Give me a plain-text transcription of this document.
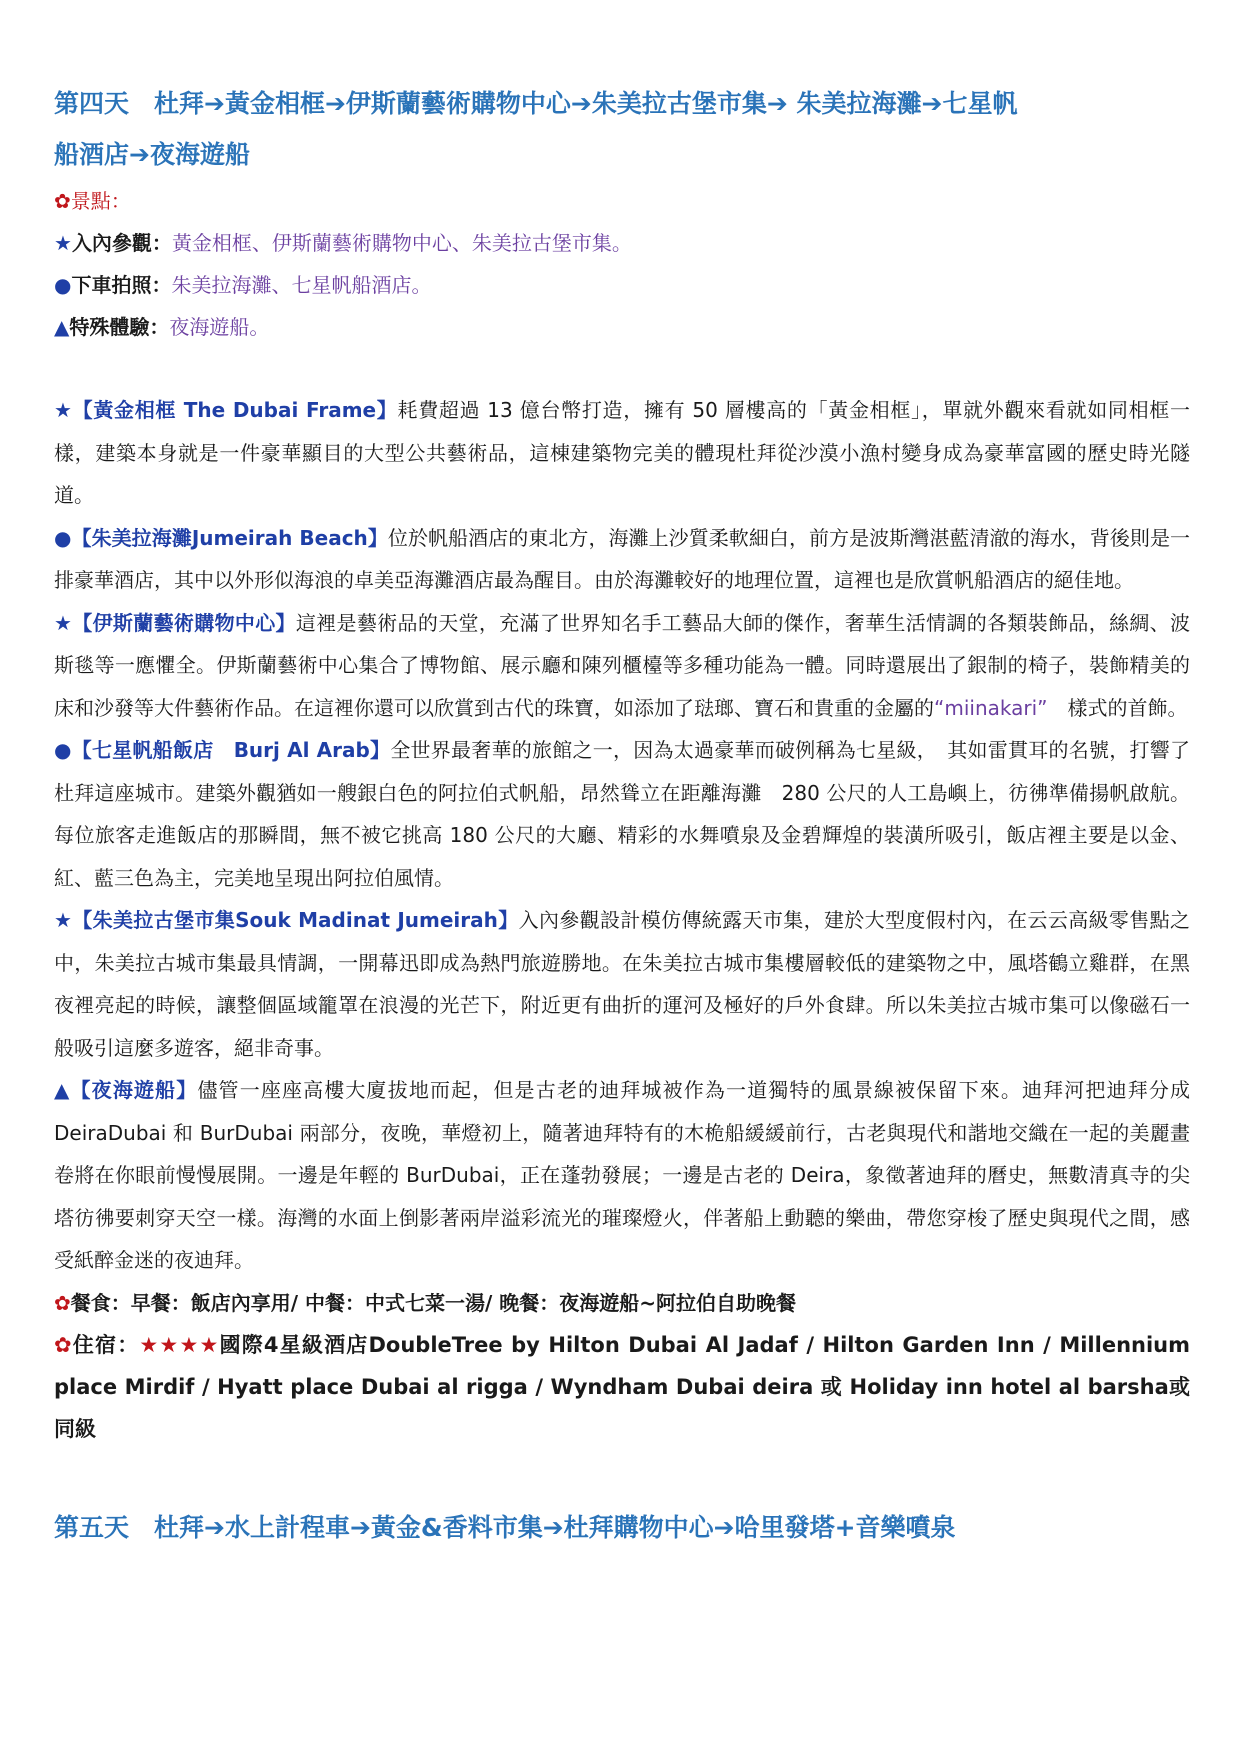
第四天　杜拜➔黃金相框➔伊斯蘭藝術購物中心➔朱美拉古堡市集➔ 朱美拉海灘➔七星帆
船酒店➔夜海遊船
✿景點：
★入內參觀：黃金相框、伊斯蘭藝術購物中心、朱美拉古堡市集。
●下車拍照：朱美拉海灘、七星帆船酒店。
▲特殊體驗：夜海遊船。

★【黃金相框 The Dubai Frame】耗費超過 13 億台幣打造，擁有 50 層樓高的「黃金相框」，單就外觀來看就如同相框一樣，建築本身就是一件豪華顯目的大型公共藝術品，這棟建築物完美的體現杜拜從沙漠小漁村變身成為豪華富國的歷史時光隧道。

●【朱美拉海灘Jumeirah Beach】位於帆船酒店的東北方，海灘上沙質柔軟細白，前方是波斯灣湛藍清澈的海水，背後則是一排豪華酒店，其中以外形似海浪的卓美亞海灘酒店最為醒目。由於海灘較好的地理位置，這裡也是欣賞帆船酒店的絕佳地。

★【伊斯蘭藝術購物中心】這裡是藝術品的天堂，充滿了世界知名手工藝品大師的傑作，奢華生活情調的各類裝飾品，絲綢、波斯毯等一應懼全。伊斯蘭藝術中心集合了博物館、展示廳和陳列櫃檯等多種功能為一體。同時還展出了銀制的椅子，裝飾精美的床和沙發等大件藝術作品。在這裡你還可以欣賞到古代的珠寶，如添加了琺瑯、寶石和貴重的金屬的“miinakari”　樣式的首飾。

●【七星帆船飯店　Burj Al Arab】全世界最奢華的旅館之一，因為太過豪華而破例稱為七星級，　其如雷貫耳的名號，打響了杜拜這座城市。建築外觀猶如一艘銀白色的阿拉伯式帆船，昂然聳立在距離海灘　280 公尺的人工島嶼上，彷彿準備揚帆啟航。每位旅客走進飯店的那瞬間，無不被它挑高 180 公尺的大廳、精彩的水舞噴泉及金碧輝煌的裝潢所吸引，飯店裡主要是以金、紅、藍三色為主，完美地呈現出阿拉伯風情。

★【朱美拉古堡市集Souk Madinat Jumeirah】入內參觀設計模仿傳統露天市集，建於大型度假村內，在云云高級零售點之中，朱美拉古城市集最具情調，一開幕迅即成為熱門旅遊勝地。在朱美拉古城市集樓層較低的建築物之中，風塔鶴立雞群，在黑夜裡亮起的時候，讓整個區域籠罩在浪漫的光芒下，附近更有曲折的運河及極好的戶外食肆。所以朱美拉古城市集可以像磁石一般吸引這麼多遊客，絕非奇事。

▲【夜海遊船】儘管一座座高樓大廈拔地而起，但是古老的迪拜城被作為一道獨特的風景線被保留下來。迪拜河把迪拜分成 DeiraDubai 和 BurDubai 兩部分，夜晚，華燈初上，隨著迪拜特有的木桅船緩緩前行，古老與現代和諧地交織在一起的美麗畫卷將在你眼前慢慢展開。一邊是年輕的 BurDubai，正在蓬勃發展；一邊是古老的 Deira，象徵著迪拜的曆史，無數清真寺的尖塔彷彿要刺穿天空一樣。海灣的水面上倒影著兩岸溢彩流光的璀璨燈火，伴著船上動聽的樂曲，帶您穿梭了歷史與現代之間，感受紙醉金迷的夜迪拜。

✿餐食：早餐：飯店內享用/ 中餐：中式七菜一湯/ 晚餐：夜海遊船~阿拉伯自助晚餐
✿住宿：★★★★國際4星級酒店DoubleTree by Hilton Dubai Al Jadaf / Hilton Garden Inn / Millennium place Mirdif / Hyatt place Dubai al rigga / Wyndham Dubai deira 或 Holiday inn hotel al barsha或同級
第五天　杜拜➔水上計程車➔黃金&香料市集➔杜拜購物中心➔哈里發塔+音樂噴泉
